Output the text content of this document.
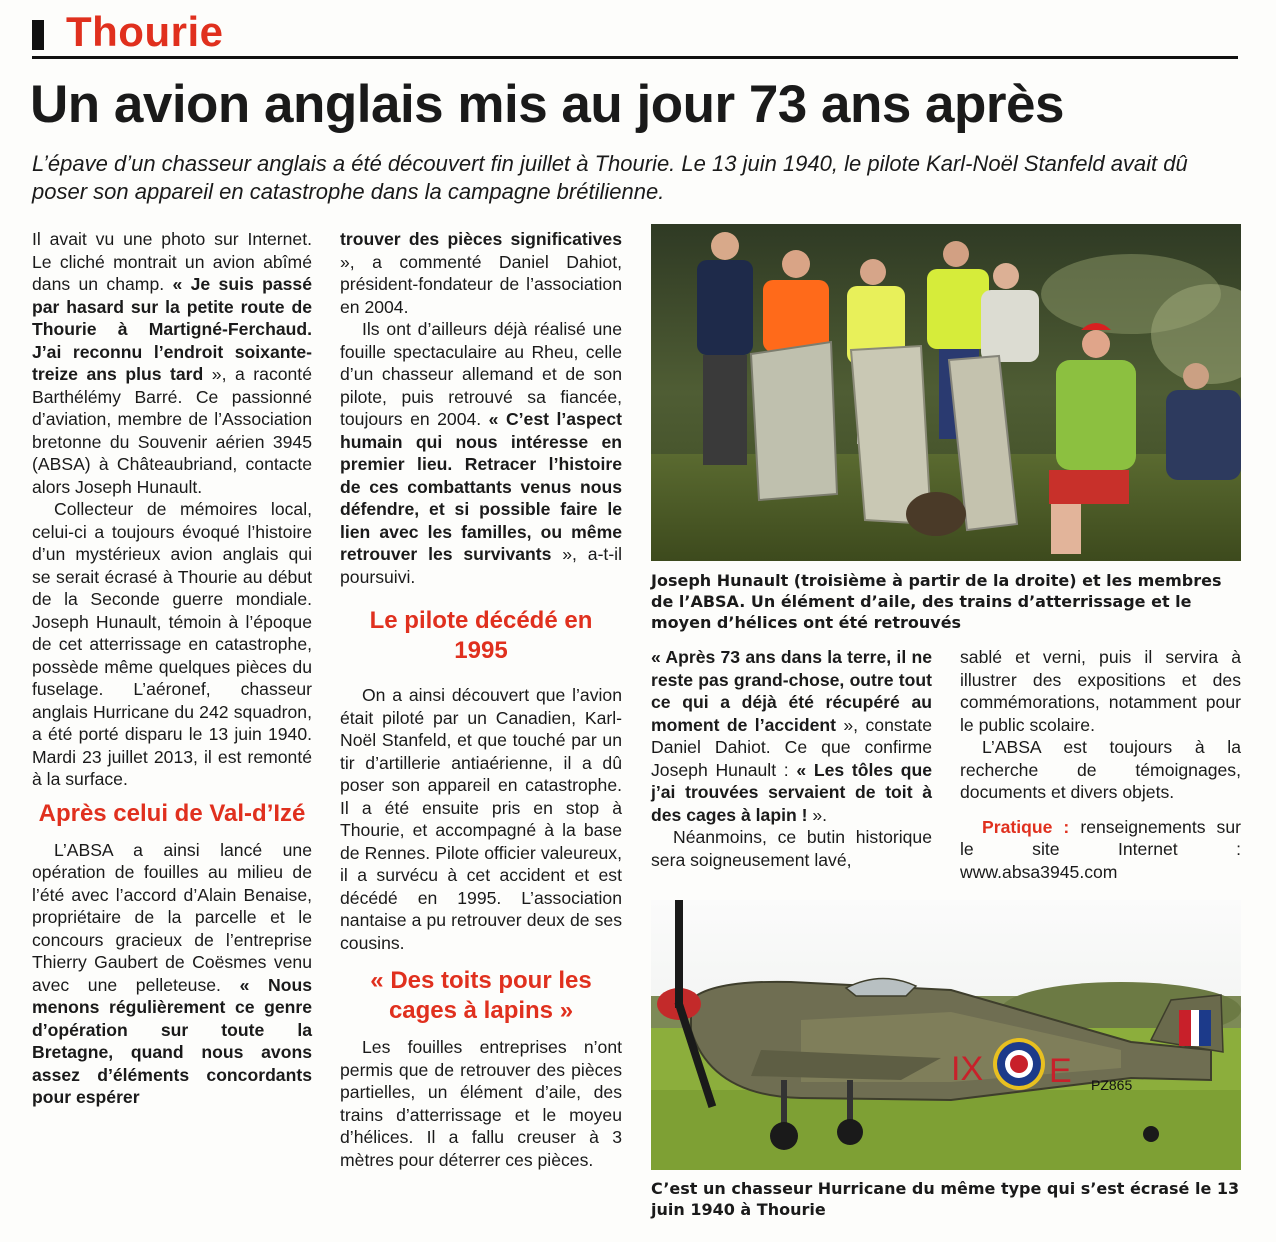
Thourie
Un avion anglais mis au jour 73 ans après
L’épave d’un chasseur anglais a été découvert fin juillet à Thourie. Le 13 juin 1940, le pilote Karl-Noël Stanfeld avait dû poser son appareil en catastrophe dans la campagne brétilienne.

Il avait vu une photo sur Internet. Le cliché montrait un avion abîmé dans un champ. « Je suis passé par hasard sur la petite route de Thourie à Martigné-Ferchaud. J’ai reconnu l’endroit soixante-treize ans plus tard », a raconté Barthélémy Barré. Ce passionné d’aviation, membre de l’Association bretonne du Souvenir aérien 3945 (ABSA) à Châteaubriand, contacte alors Joseph Hunault.

Collecteur de mémoires local, celui-ci a toujours évoqué l’histoire d’un mystérieux avion anglais qui se serait écrasé à Thourie au début de la Seconde guerre mondiale. Joseph Hunault, témoin à l’époque de cet atterrissage en catastrophe, possède même quelques pièces du fuselage. L’aéronef, chasseur anglais Hurricane du 242 squadron, a été porté disparu le 13 juin 1940. Mardi 23 juillet 2013, il est remonté à la surface.

Après celui de Val-d’Izé

L’ABSA a ainsi lancé une opération de fouilles au milieu de l’été avec l’accord d’Alain Benaise, propriétaire de la parcelle et le concours gracieux de l’entreprise Thierry Gaubert de Coësmes venu avec une pelleteuse. « Nous menons régulièrement ce genre d’opération sur toute la Bretagne, quand nous avons assez d’éléments concordants pour espérer

trouver des pièces significatives », a commenté Daniel Dahiot, président-fondateur de l’association en 2004.

Ils ont d’ailleurs déjà réalisé une fouille spectaculaire au Rheu, celle d’un chasseur allemand et de son pilote, puis retrouvé sa fiancée, toujours en 2004. « C’est l’aspect humain qui nous intéresse en premier lieu. Retracer l’histoire de ces combattants venus nous défendre, et si possible faire le lien avec les familles, ou même retrouver les survivants », a-t-il poursuivi.

Le pilote décédé en 1995

On a ainsi découvert que l’avion était piloté par un Canadien, Karl-Noël Stanfeld, et que touché par un tir d’artillerie antiaérienne, il a dû poser son appareil en catastrophe. Il a été ensuite pris en stop à Thourie, et accompagné à la base de Rennes. Pilote officier valeureux, il a survécu à cet accident et est décédé en 1995. L’association nantaise a pu retrouver deux de ses cousins.

« Des toits pour les cages à lapins »

Les fouilles entreprises n’ont permis que de retrouver des pièces partielles, un élément d’aile, des trains d’atterrissage et le moyeu d’hélices. Il a fallu creuser à 3 mètres pour déterrer ces pièces.

Joseph Hunault (troisième à partir de la droite) et les membres de l’ABSA. Un élément d’aile, des trains d’atterrissage et le moyen d’hélices ont été retrouvés

« Après 73 ans dans la terre, il ne reste pas grand-chose, outre tout ce qui a déjà été récupéré au moment de l’accident », constate Daniel Dahiot. Ce que confirme Joseph Hunault : « Les tôles que j’ai trouvées servaient de toit à des cages à lapin ! ».

Néanmoins, ce butin historique sera soigneusement lavé,

sablé et verni, puis il servira à illustrer des expositions et des commémorations, notamment pour le public scolaire.

L’ABSA est toujours à la recherche de témoignages, documents et divers objets.

Pratique : renseignements sur le site Internet : www.absa3945.com

IX E PZ865
C’est un chasseur Hurricane du même type qui s’est écrasé le 13 juin 1940 à Thourie
